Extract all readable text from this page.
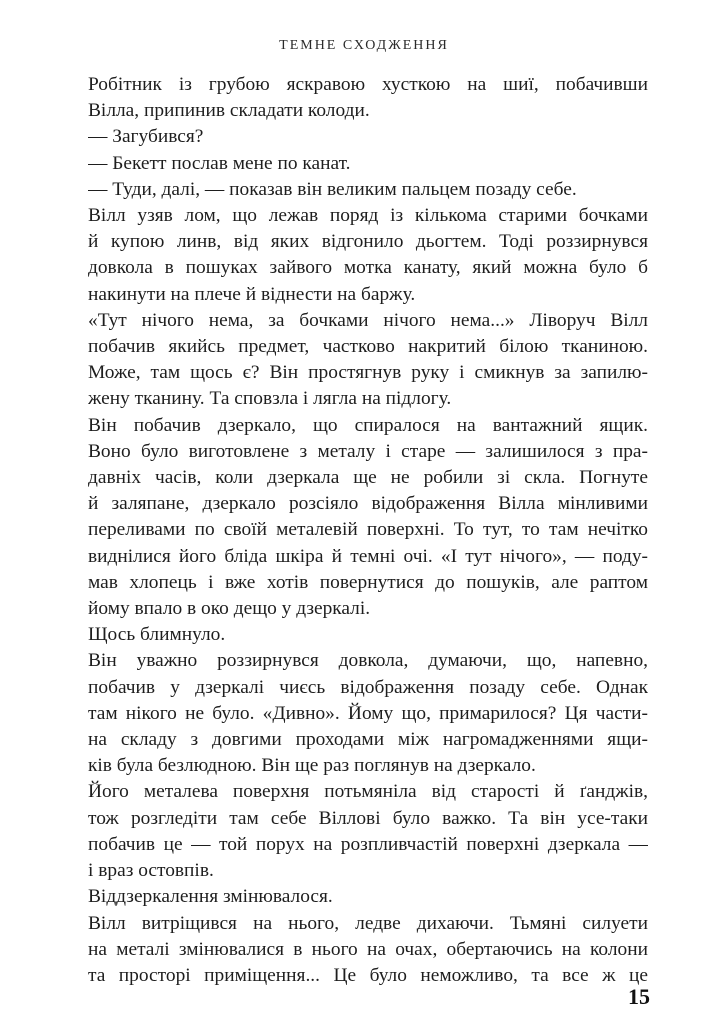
ТЕМНЕ СХОДЖЕННЯ
Робітник із грубою яскравою хусткою на шиї, побачивши
Вілла, припинив складати колоди.
— Загубився?
— Бекетт послав мене по канат.
— Туди, далі, — показав він великим пальцем позаду себе.
Вілл узяв лом, що лежав поряд із кількома старими бочками
й купою линв, від яких відгонило дьогтем. Тоді роззирнувся
довкола в пошуках зайвого мотка канату, який можна було б
накинути на плече й віднести на баржу.
«Тут нічого нема, за бочками нічого нема...» Ліворуч Вілл
побачив якийсь предмет, частково накритий білою тканиною.
Може, там щось є? Він простягнув руку і смикнув за запилю-
жену тканину. Та сповзла і лягла на підлогу.
Він побачив дзеркало, що спиралося на вантажний ящик.
Воно було виготовлене з металу і старе — залишилося з пра-
давніх часів, коли дзеркала ще не робили зі скла. Погнуте
й заляпане, дзеркало розсіяло відображення Вілла мінливими
переливами по своїй металевій поверхні. То тут, то там нечітко
виднілися його бліда шкіра й темні очі. «І тут нічого», — поду-
мав хлопець і вже хотів повернутися до пошуків, але раптом
йому впало в око дещо у дзеркалі.
Щось блимнуло.
Він уважно роззирнувся довкола, думаючи, що, напевно,
побачив у дзеркалі чиєсь відображення позаду себе. Однак
там нікого не було. «Дивно». Йому що, примарилося? Ця части-
на складу з довгими проходами між нагромадженнями ящи-
ків була безлюдною. Він ще раз поглянув на дзеркало.
Його металева поверхня потьмяніла від старості й ґанджів,
тож розгледіти там себе Віллові було важко. Та він усе-таки
побачив це — той порух на розпливчастій поверхні дзеркала —
і враз остовпів.
Віддзеркалення змінювалося.
Вілл витріщився на нього, ледве дихаючи. Тьмяні силуети
на металі змінювалися в нього на очах, обертаючись на колони
та просторі приміщення... Це було неможливо, та все ж це
15
